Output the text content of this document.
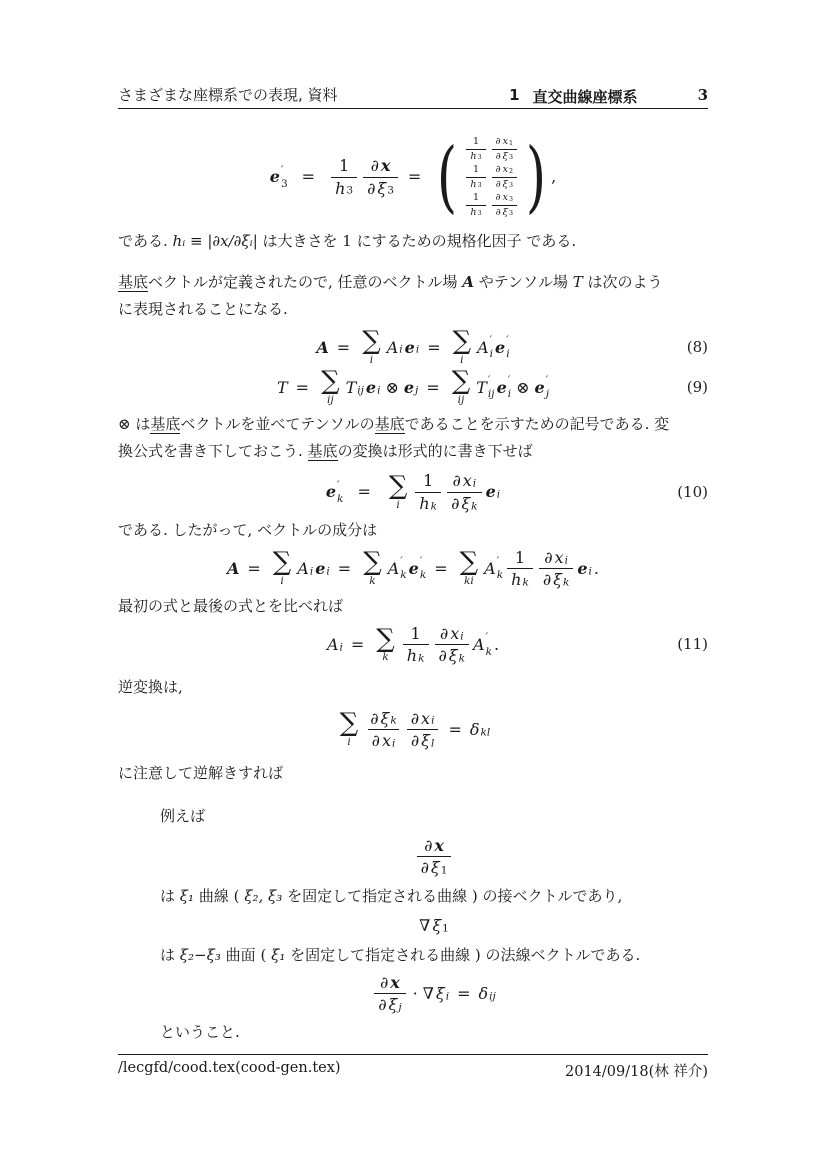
さまざまな座標系での表現, 資料	1 直交曲線座標系	3
e ′
$3 = \frac{1}{h 3} \frac{\partial x}{\partial \xi 3}$ = ( $\frac{1}{h 3} \frac{\partial x 1}{\partial \xi 3}$
$\frac{1}{h 3} \frac{\partial x 2}{\partial \xi 3}$
$\frac{1}{h 3} \frac{\partial x 3}{\partial \xi 3}$ ) ,
である. hᵢ ≡ |∂x/∂ξᵢ| は大きさを 1 にするための規格化因子 である.
基底ベクトルが定義されたので, 任意のベクトル場 A やテンソル場 T は次のよう
に表現されることになる.
A = ∑
i
A i e i = ∑
i
A ′
i e ′
i	(8)
T = ∑
ij
T ij e i ⊗ e j = ∑
ij
T ′
ij e ′
i ⊗ e ′
j	(9)
⊗ は基底ベクトルを並べてテンソルの基底であることを示すための記号である. 変
換公式を書き下しておこう. 基底の変換は形式的に書き下せば
e ′
k = ∑
i $\frac{1}{\text{h k}} \frac{\text{∂ x i}}{\text{∂ ξ k}}$ e i	(10)
である. したがって, ベクトルの成分は
A = ∑
i
A i e i = ∑
k
A ′
k e ′
k = ∑
ki
A ′
k $\frac{1}{\text{h k}} \frac{\text{∂ x i}}{\text{∂ ξ k}}$ e i .
最初の式と最後の式とを比べれば
A i = ∑
k $\frac{1}{\text{h k}} \frac{\text{∂ x i}}{\text{∂ ξ k}}$ A ′
k .	(11)
逆変換は,
∑
i $\frac{\text{∂ ξ k}}{\text{∂ x i}} \frac{\text{∂ x i}}{\text{∂ ξ l}} = \delta$ kl
に注意して逆解きすれば
例えば
$\frac{\partial x}{\partial \xi 1}$
は ξ₁ 曲線 ( ξ₂, ξ₃ を固定して指定される曲線 ) の接ベクトルであり,
∇ ξ 1
は ξ₂−ξ₃ 曲面 ( ξ₁ を固定して指定される曲線 ) の法線ベクトルである.
$\frac{\partial x}{\text{∂ ξ j}}$ · ∇ ξ i = δ ij
ということ.
/lecgfd/cood.tex(cood-gen.tex)	2014/09/18(林 祥介)
